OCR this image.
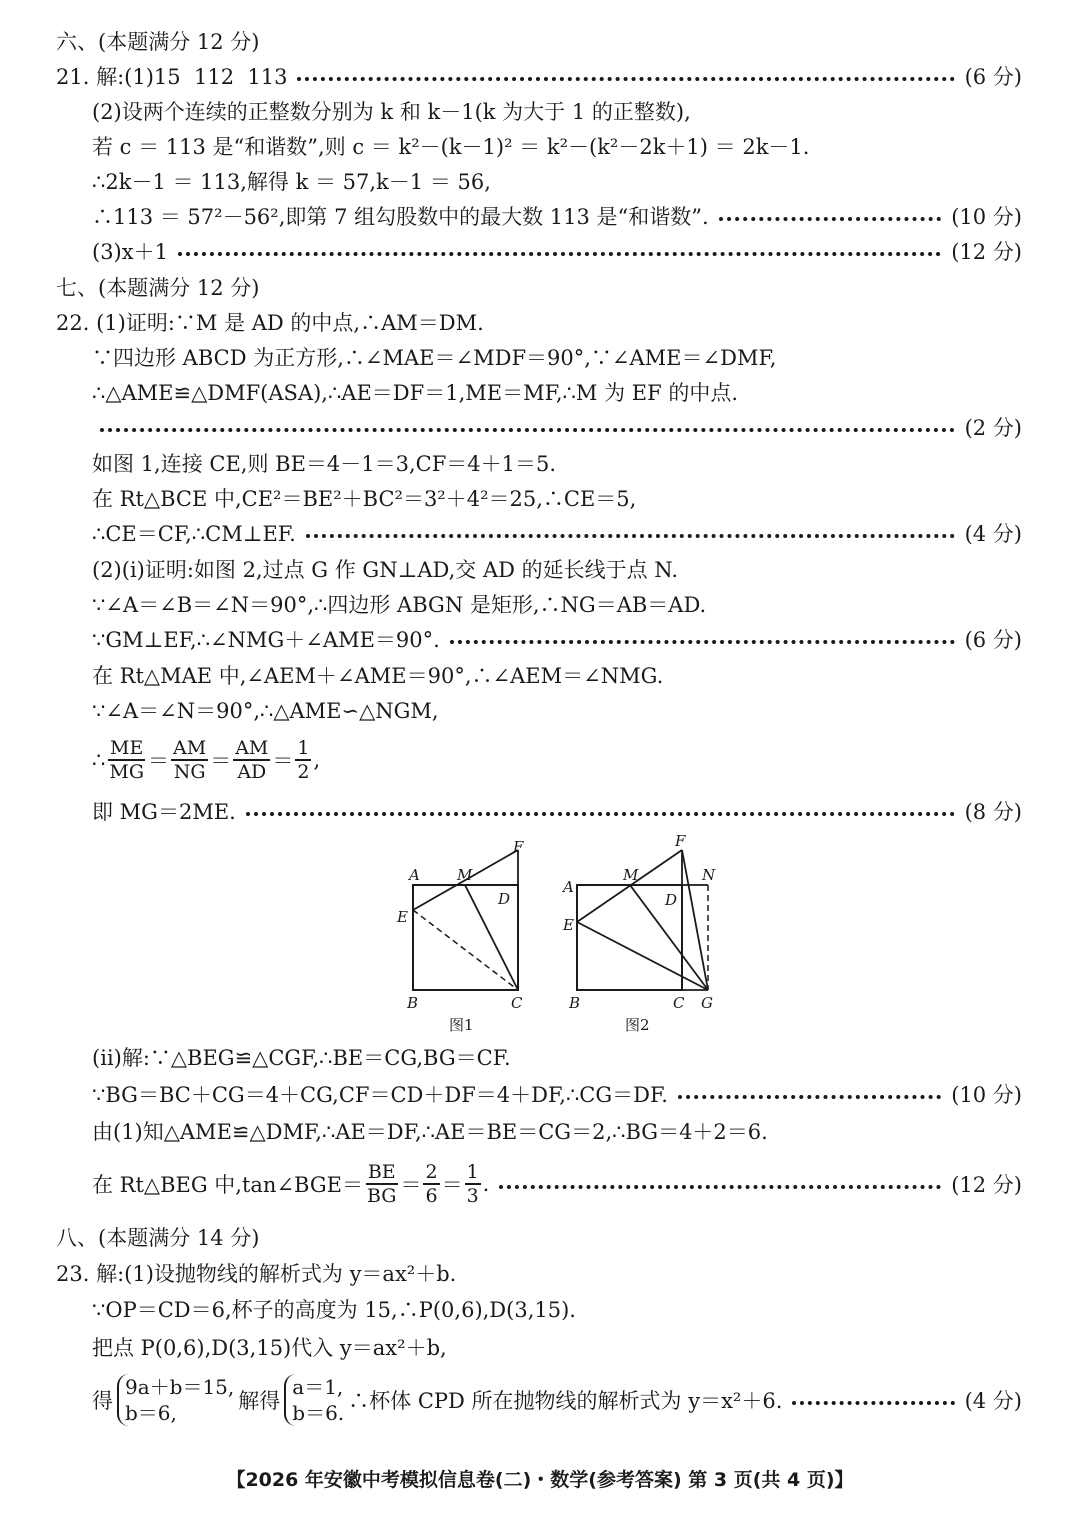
六、(本题满分 12 分)
21. 解:(1)15  112  113	(6 分)
(2)设两个连续的正整数分别为 k 和 k－1(k 为大于 1 的正整数),
若 c ＝ 113 是“和谐数”,则 c ＝ k²－(k－1)² ＝ k²－(k²－2k＋1) ＝ 2k－1.
∴2k－1 ＝ 113,解得 k ＝ 57,k－1 ＝ 56,
∴113 ＝ 57²－56²,即第 7 组勾股数中的最大数 113 是“和谐数”.	(10 分)
(3)x＋1	(12 分)
七、(本题满分 12 分)
22. (1)证明:∵M 是 AD 的中点,∴AM＝DM.
∵四边形 ABCD 为正方形,∴∠MAE＝∠MDF＝90°,∵∠AME＝∠DMF,
∴△AME≌△DMF(ASA),∴AE＝DF＝1,ME＝MF,∴M 为 EF 的中点.
(2 分)
如图 1,连接 CE,则 BE＝4－1＝3,CF＝4＋1＝5.
在 Rt△BCE 中,CE²＝BE²＋BC²＝3²＋4²＝25,∴CE＝5,
∴CE＝CF,∴CM⊥EF.	(4 分)
(2)(ⅰ)证明:如图 2,过点 G 作 GN⊥AD,交 AD 的延长线于点 N.
∵∠A＝∠B＝∠N＝90°,∴四边形 ABGN 是矩形,∴NG＝AB＝AD.
∵GM⊥EF,∴∠NMG＋∠AME＝90°.	(6 分)
在 Rt△MAE 中,∠AEM＋∠AME＝90°,∴∠AEM＝∠NMG.
∵∠A＝∠N＝90°,∴△AME∽△NGM,
∴ $\frac{ME}{MG} = \frac{AM}{NG} = \frac{AM}{AD} = \frac{1}{2}$ ,
即 MG＝2ME.	(8 分)
A M
F
D
E
B	C
图1
A
M
F
N
D
E
B	C G
图2
(ⅱ)解:∵△BEG≌△CGF,∴BE＝CG,BG＝CF.
∵BG＝BC＋CG＝4＋CG,CF＝CD＋DF＝4＋DF,∴CG＝DF.	(10 分)
由(1)知△AME≌△DMF,∴AE＝DF,∴AE＝BE＝CG＝2,∴BG＝4＋2＝6.
在 Rt△BEG 中,tan∠BGE＝ $\frac{BE}{BG} = \frac{2}{6} = \frac{1}{3}$ .	(12 分)
八、(本题满分 14 分)
23. 解:(1)设抛物线的解析式为 y＝ax²＋b.
∵OP＝CD＝6,杯子的高度为 15,∴P(0,6),D(3,15).
把点 P(0,6),D(3,15)代入 y＝ax²＋b,
得
9a＋b＝15,
b＝6,	解得
a＝1,
b＝6. ∴杯体 CPD 所在抛物线的解析式为 y＝x²＋6.	(4 分)
【2026 年安徽中考模拟信息卷(二)・数学(参考答案) 第 3 页(共 4 页)】
